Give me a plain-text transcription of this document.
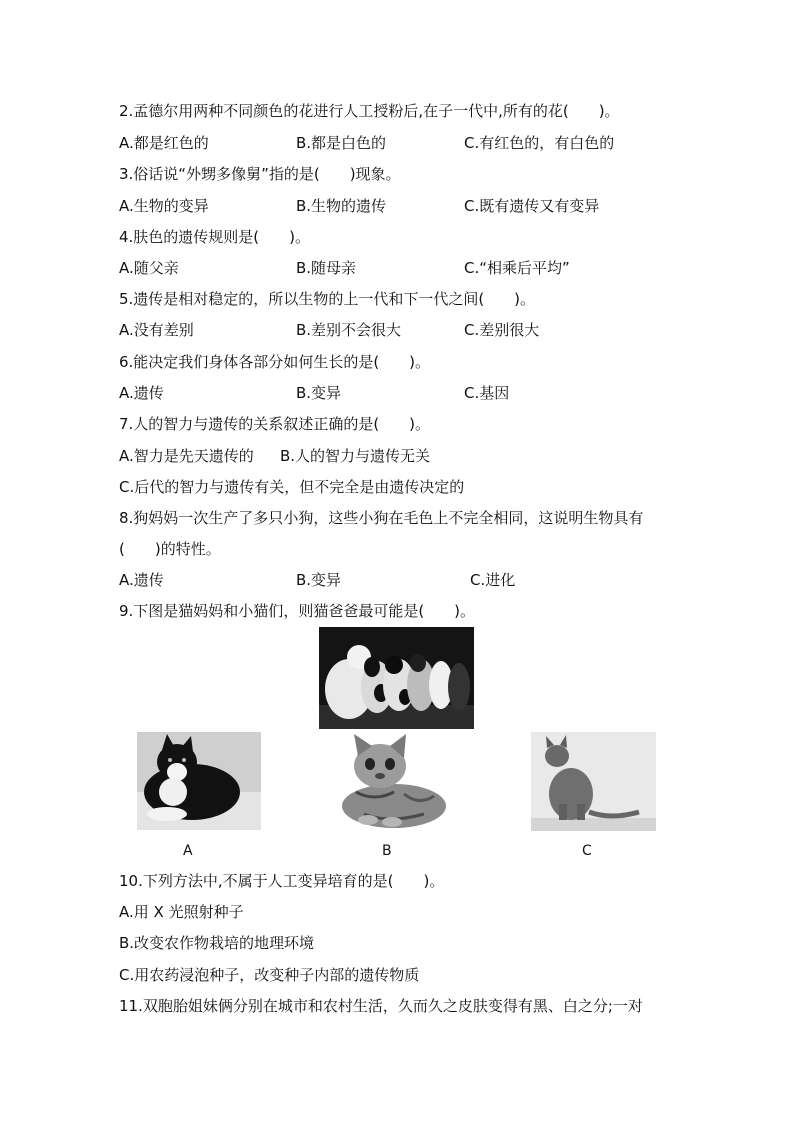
2.孟德尔用两种不同颜色的花进行人工授粉后,在子一代中,所有的花(　　)。
A.都是红色的	B.都是白色的	C.有红色的，有白色的
3.俗话说“外甥多像舅”指的是(　　)现象。
A.生物的变异	B.生物的遗传	C.既有遗传又有变异
4.肤色的遗传规则是(　　)。
A.随父亲	B.随母亲	C.“相乘后平均”
5.遗传是相对稳定的，所以生物的上一代和下一代之间(　　)。
A.没有差别	B.差别不会很大	C.差别很大
6.能决定我们身体各部分如何生长的是(　　)。
A.遗传	B.变异	C.基因
7.人的智力与遗传的关系叙述正确的是(　　)。
A.智力是先天遗传的 B.人的智力与遗传无关
C.后代的智力与遗传有关，但不完全是由遗传决定的
8.狗妈妈一次生产了多只小狗，这些小狗在毛色上不完全相同，这说明生物具有
(　　)的特性。
A.遗传	B.变异	C.进化
9.下图是猫妈妈和小猫们，则猫爸爸最可能是(　　)。
A	B	C
10.下列方法中,不属于人工变异培育的是(　　)。
A.用 X 光照射种子
B.改变农作物栽培的地理环境
C.用农药浸泡种子，改变种子内部的遗传物质
11.双胞胎姐妹俩分别在城市和农村生活，久而久之皮肤变得有黑、白之分;一对
